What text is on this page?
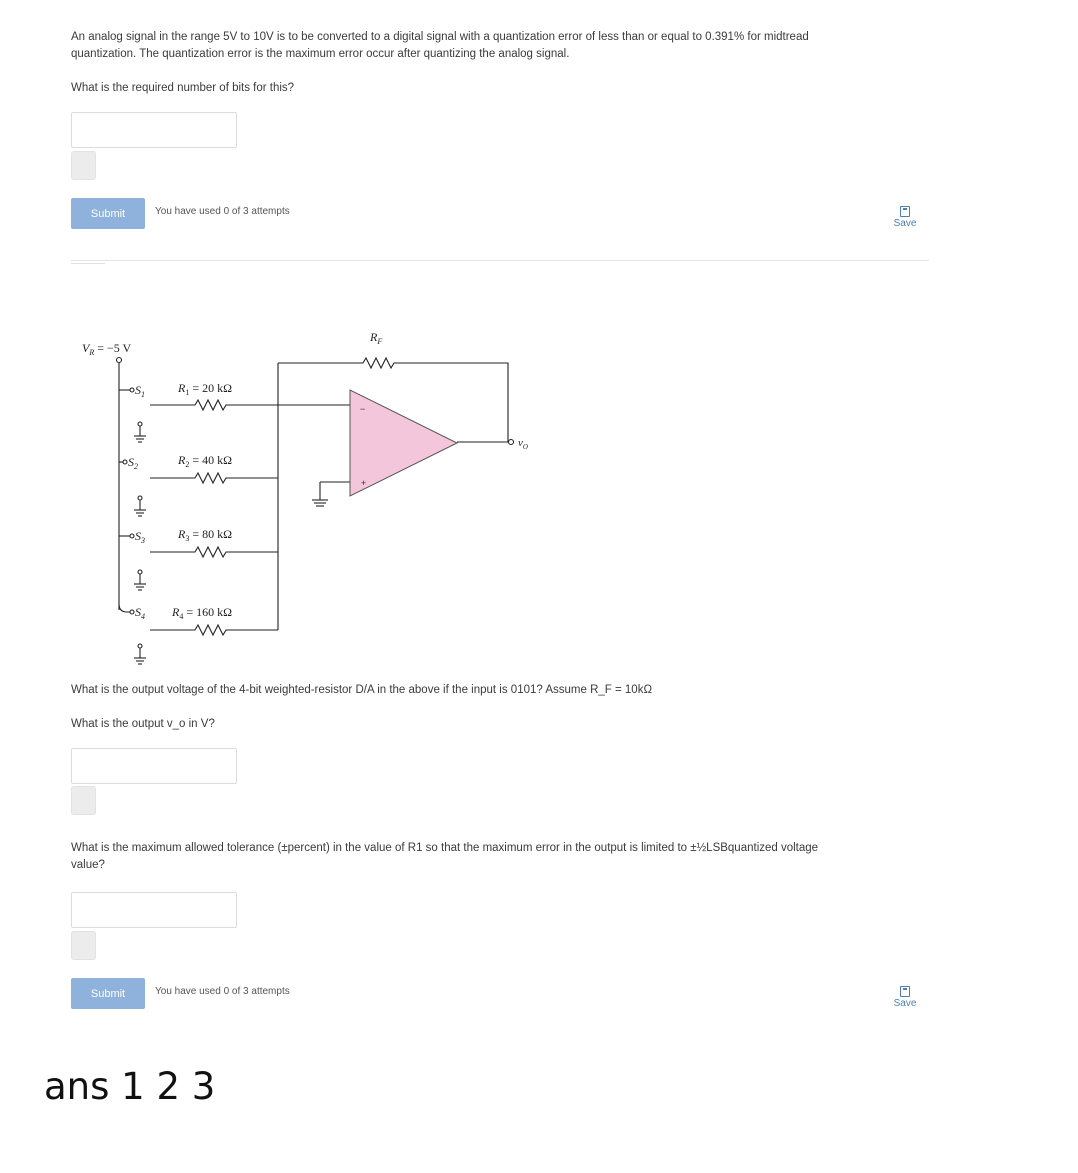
An analog signal in the range 5V to 10V is to be converted to a digital signal with a quantization error of less than or equal to 0.391% for midtread
quantization. The quantization error is the maximum error occur after quantizing the analog signal.
What is the required number of bits for this?
Submit	You have used 0 of 3 attempts
Save
$V_R = -5$ V
$R_F$
$S_1$	$R_1 = 20$ kΩ
$S_2$	$R_2 = 40$ kΩ
$S_3$	$R_3 = 80$ kΩ
$S_4$ $R_4 = 160$ kΩ
−
+
$v_O$
What is the output voltage of the 4-bit weighted-resistor D/A in the above if the input is 0101? Assume R_F = 10kΩ
What is the output v_o in V?
What is the maximum allowed tolerance (±percent) in the value of R1 so that the maximum error in the output is limited to ±½LSBquantized voltage
value?
Submit	You have used 0 of 3 attempts
Save
ans 1 2 3
